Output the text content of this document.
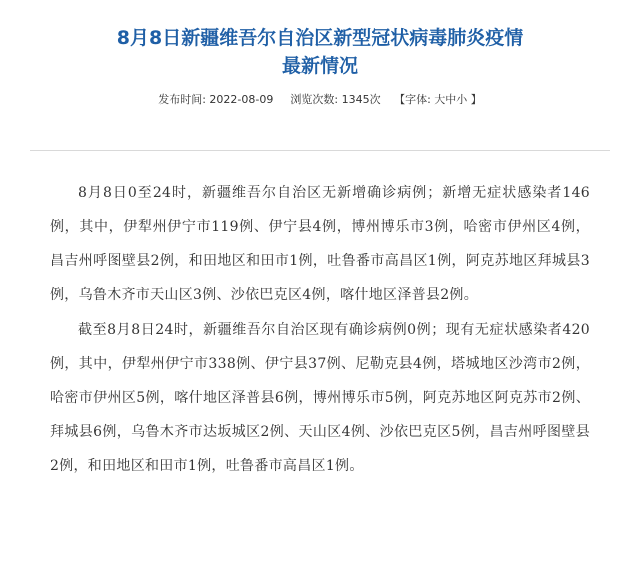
8月8日新疆维吾尔自治区新型冠状病毒肺炎疫情
最新情况
发布时间: 2022-08-09 浏览次数: 1345次 【字体: 大中小 】

8月8日0至24时，新疆维吾尔自治区无新增确诊病例；新增无症状感染者146例，其中，伊犁州伊宁市119例、伊宁县4例，博州博乐市3例，哈密市伊州区4例，昌吉州呼图壁县2例，和田地区和田市1例，吐鲁番市高昌区1例，阿克苏地区拜城县3例，乌鲁木齐市天山区3例、沙依巴克区4例，喀什地区泽普县2例。

截至8月8日24时，新疆维吾尔自治区现有确诊病例0例；现有无症状感染者420例，其中，伊犁州伊宁市338例、伊宁县37例、尼勒克县4例，塔城地区沙湾市2例，哈密市伊州区5例，喀什地区泽普县6例，博州博乐市5例，阿克苏地区阿克苏市2例、拜城县6例，乌鲁木齐市达坂城区2例、天山区4例、沙依巴克区5例，昌吉州呼图壁县2例，和田地区和田市1例，吐鲁番市高昌区1例。
